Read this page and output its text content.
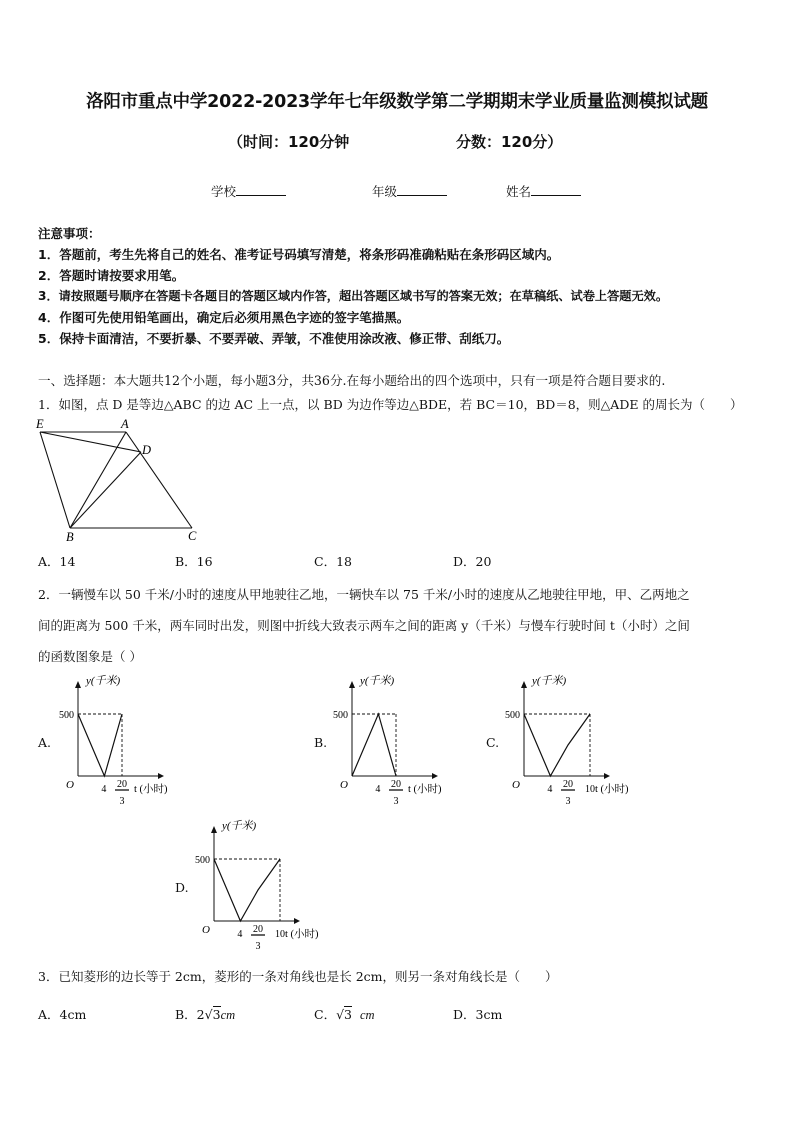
洛阳市重点中学2022-2023学年七年级数学第二学期期末学业质量监测模拟试题
（时间：120分钟	分数：120分）
学校	年级	姓名
注意事项：
1．答题前，考生先将自己的姓名、准考证号码填写清楚，将条形码准确粘贴在条形码区域内。
2．答题时请按要求用笔。
3．请按照题号顺序在答题卡各题目的答题区域内作答，超出答题区域书写的答案无效；在草稿纸、试卷上答题无效。
4．作图可先使用铅笔画出，确定后必须用黑色字迹的签字笔描黑。
5．保持卡面清洁，不要折暴、不要弄破、弄皱，不准使用涂改液、修正带、刮纸刀。
一、选择题：本大题共12个小题，每小题3分，共36分.在每小题给出的四个选项中，只有一项是符合题目要求的.
1．如图，点 D 是等边△ABC 的边 AC 上一点，以 BD 为边作等边△BDE，若 BC＝10，BD＝8，则△ADE 的周长为（　　）
E	A
D
B	C
A．14	B．16	C．18	D．20
2．一辆慢车以 50 千米/小时的速度从甲地驶往乙地，一辆快车以 75 千米/小时的速度从乙地驶往甲地，甲、乙两地之
间的距离为 500 千米，两车同时出发，则图中折线大致表示两车之间的距离 y（千米）与慢车行驶时间 t（小时）之间
的函数图象是（ ）
A.	B.	C.
D.
y(千米)
500
O	4 20
3
t (小时)
y(千米)
500
O	4 20
3
t (小时)
y(千米)
500
O	4 20
3
10 t (小时)
y(千米)
500
O	4 20
3
10 t (小时)
3．已知菱形的边长等于 2cm，菱形的一条对角线也是长 2cm，则另一条对角线长是（　　）
A．4cm	B．2√3cm	C．√3 cm	D．3cm
